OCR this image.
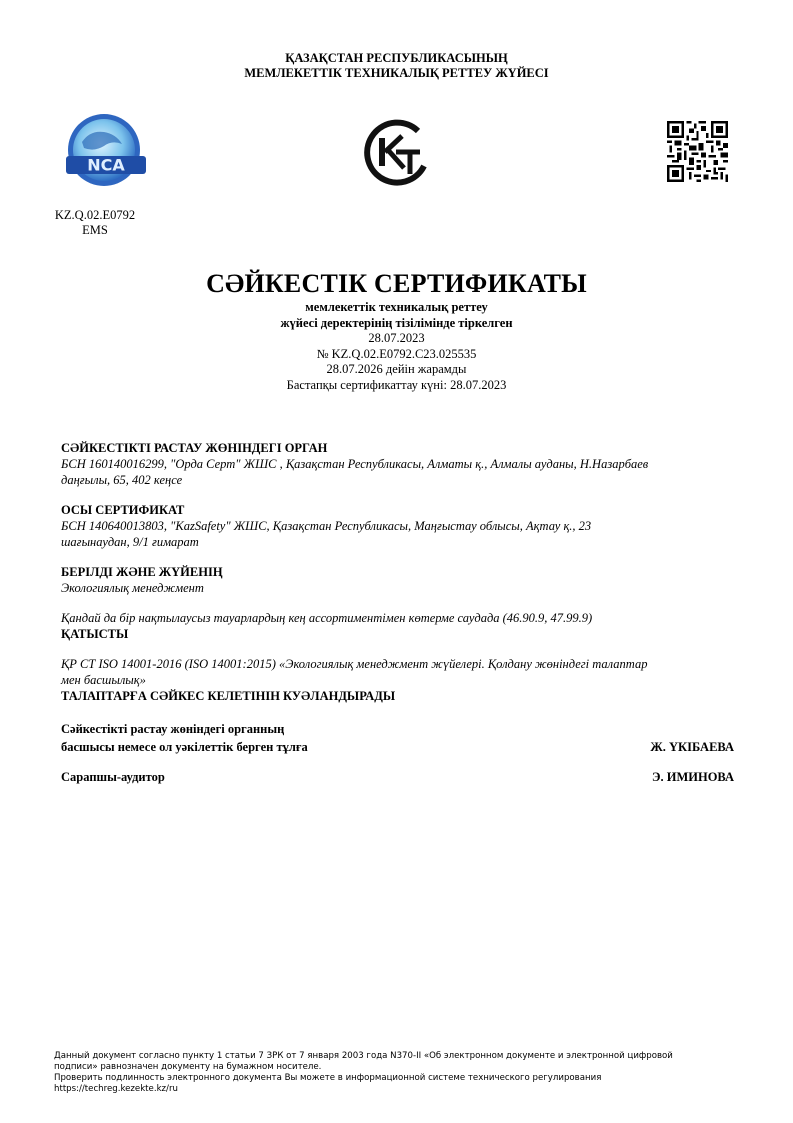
ҚАЗАҚСТАН РЕСПУБЛИКАСЫНЫҢ
МЕМЛЕКЕТТІК ТЕХНИКАЛЫҚ РЕТТЕУ ЖҮЙЕСІ
NCA
KZ.Q.02.E0792
EMS
СӘЙКЕСТІК СЕРТИФИКАТЫ
мемлекеттік техникалық реттеу
жүйесі деректерінің тізілімінде тіркелген
28.07.2023
№ KZ.Q.02.E0792.C23.025535
28.07.2026 дейін жарамды
Бастапқы сертификаттау күні: 28.07.2023
СӘЙКЕСТІКТІ РАСТАУ ЖӨНІНДЕГІ ОРГАН
БСН 160140016299, "Орда Серт" ЖШС , Қазақстан Республикасы, Алматы қ., Алмалы ауданы, Н.Назарбаев
даңғылы, 65, 402 кеңсе
ОСЫ СЕРТИФИКАТ
БСН 140640013803, "KazSafety" ЖШС, Қазақстан Республикасы, Маңғыстау облысы, Ақтау қ., 23
шағынаудан, 9/1 ғимарат
БЕРІЛДІ ЖӘНЕ ЖҮЙЕНІҢ
Экологиялық менеджмент
Қандай да бір нақтылаусыз тауарлардың кең ассортиментімен көтерме саудада (46.90.9, 47.99.9)
ҚАТЫСТЫ
ҚР СТ ISO 14001-2016 (ISO 14001:2015) «Экологиялық менеджмент жүйелері. Қолдану жөніндегі талаптар
мен басшылық»
ТАЛАПТАРҒА СӘЙКЕС КЕЛЕТІНІН КУӘЛАНДЫРАДЫ
Сәйкестікті растау жөніндегі органның
басшысы немесе ол уәкілеттік берген тұлға	Ж. ҮКІБАЕВА
Сарапшы-аудитор	Э. ИМИНОВА
Данный документ согласно пункту 1 статьи 7 ЗРК от 7 января 2003 года N370-II «Об электронном документе и электронной цифровой
подписи» равнозначен документу на бумажном носителе.
Проверить подлинность электронного документа Вы можете в информационной системе технического регулирования
https://techreg.kezekte.kz/ru
